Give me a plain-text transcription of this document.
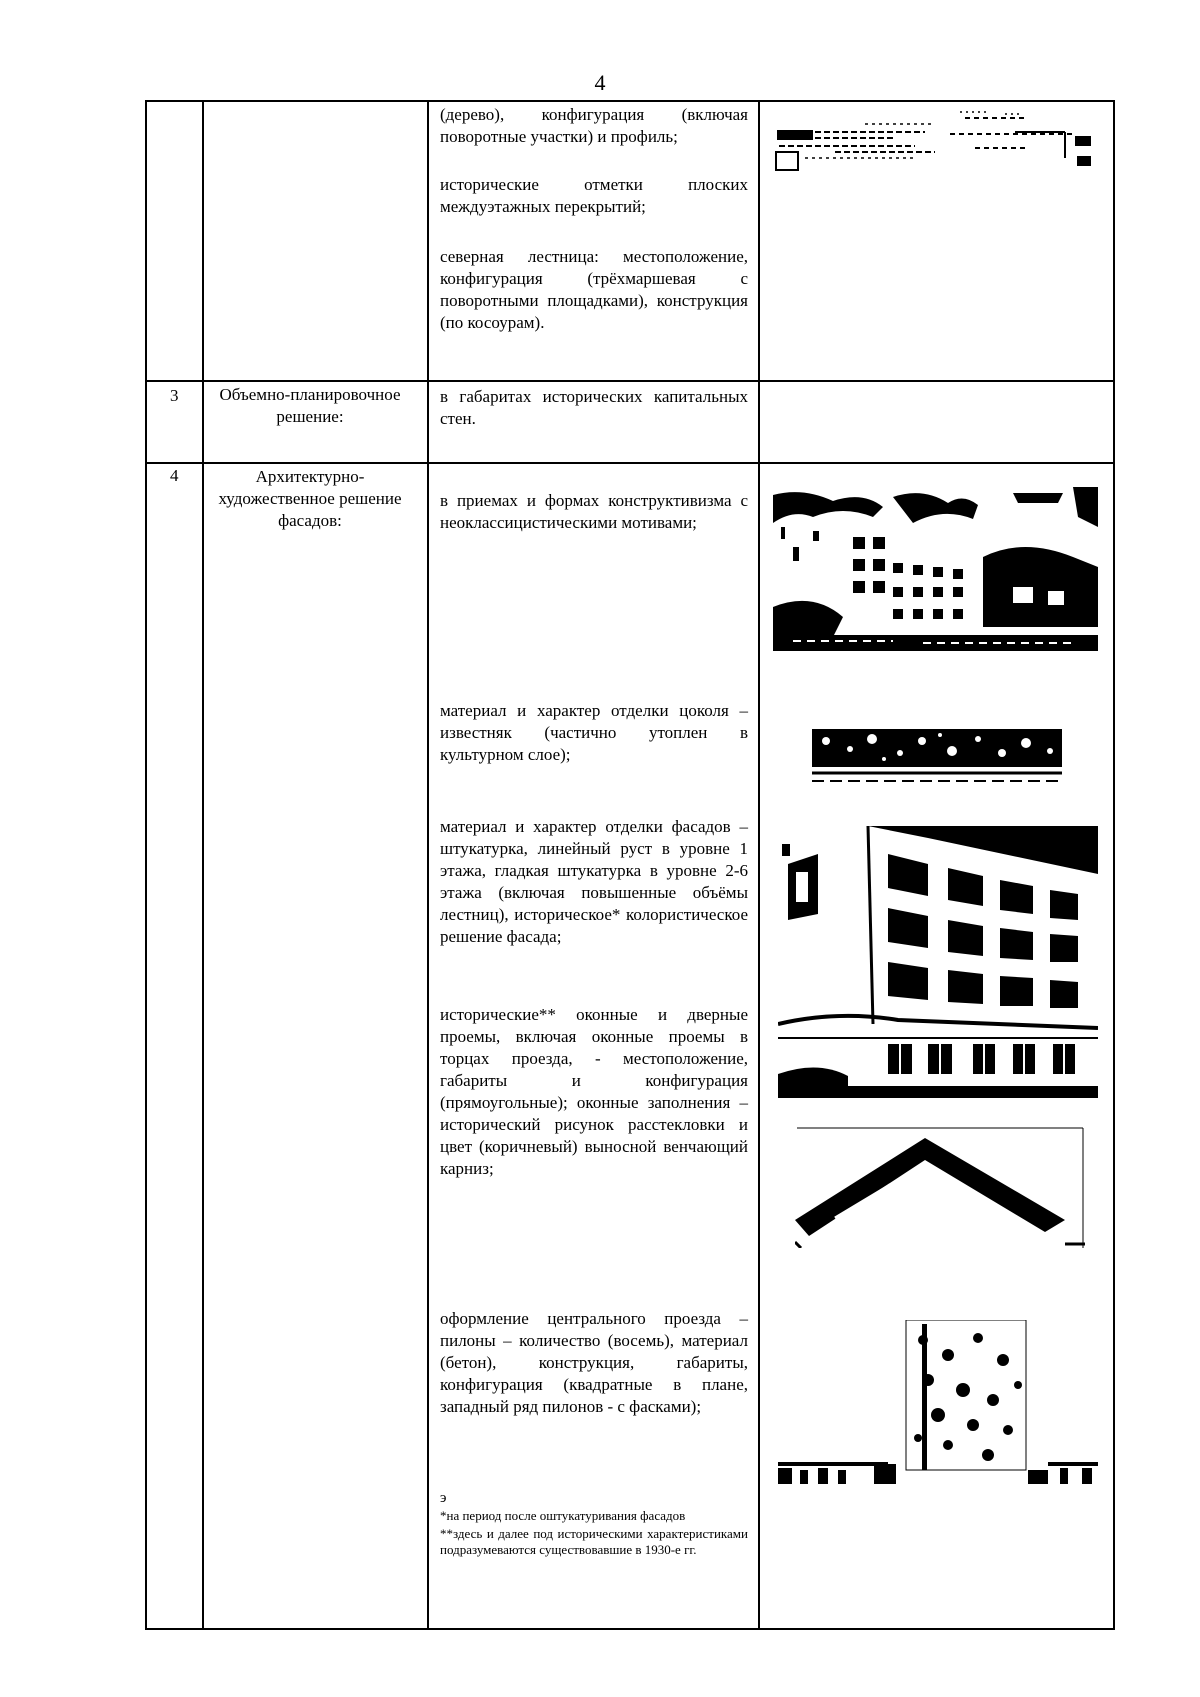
4
(дерево), конфигурация (включая поворотные участки) и профиль;
исторические отметки плоских междуэтажных перекрытий;
северная лестница: местоположение, конфигурация (трёхмаршевая с поворотными площадками), конструкция (по косоурам).
3	Объемно-планировочное решение:
в габаритах исторических капитальных стен.
4	Архитектурно-художественное решение фасадов:
в приемах и формах конструктивизма с неоклассицистическими мотивами;
материал и характер отделки цоколя – известняк (частично утоплен в культурном слое);
материал и характер отделки фасадов – штукатурка, линейный руст в уровне 1 этажа, гладкая штукатурка в уровне 2-6 этажа (включая повышенные объёмы лестниц), историческое* колористическое решение фасада;
исторические** оконные и дверные проемы, включая оконные проемы в торцах проезда, - местоположение, габариты и конфигурация (прямоугольные); оконные заполнения – исторический рисунок расстекловки и цвет (коричневый) выносной венчающий карниз;
оформление центрального проезда – пилоны – количество (восемь), материал (бетон), конструкция, габариты, конфигурация (квадратные в плане, западный ряд пилонов - с фасками);
э
*на период после оштукатуривания фасадов
**здесь и далее под историческими характеристиками подразумеваются существовавшие в 1930-е гг.
